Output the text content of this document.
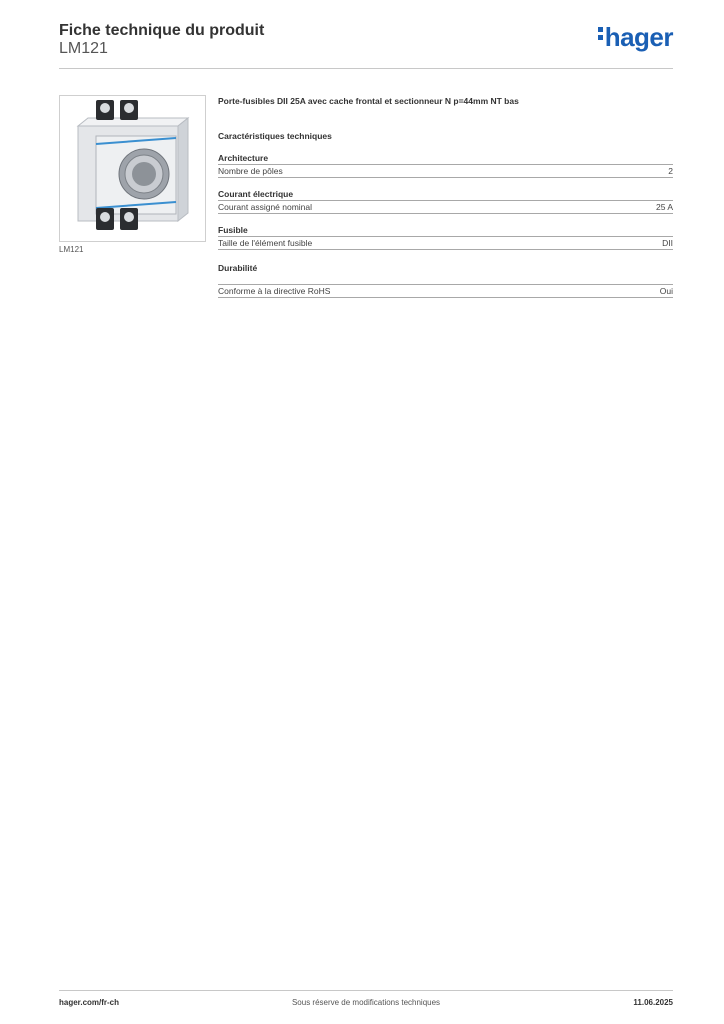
Fiche technique du produit
LM121	hager
LM121
Porte-fusibles DII 25A avec cache frontal et sectionneur N p=44mm NT bas
Caractéristiques techniques
Architecture
Nombre de pôles	2
Courant électrique
Courant assigné nominal	25 A
Fusible
Taille de l'élément fusible	DII
Durabilité
Conforme à la directive RoHS	Oui
hager.com/fr-ch	Sous réserve de modifications techniques	11.06.2025
